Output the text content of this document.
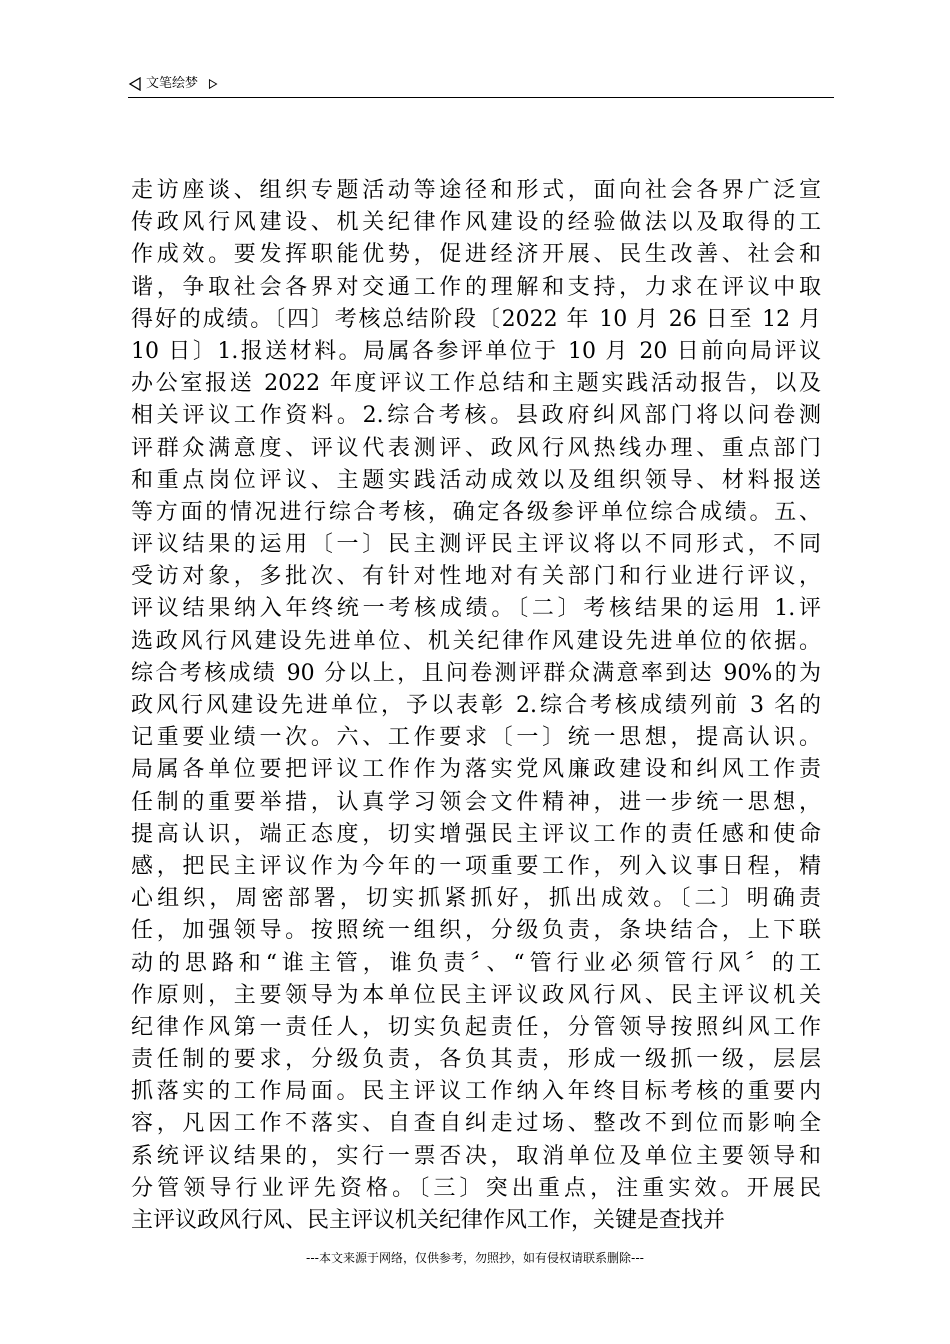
文笔绘梦
走访座谈、组织专题活动等途径和形式，面向社会各界广泛宣
传政风行风建设、机关纪律作风建设的经验做法以及取得的工
作成效。要发挥职能优势，促进经济开展、民生改善、社会和
谐，争取社会各界对交通工作的理解和支持，力求在评议中取
得好的成绩。〔四〕考核总结阶段〔2022 年 10 月 26 日至 12 月
10 日〕1.报送材料。局属各参评单位于 10 月 20 日前向局评议
办公室报送 2022 年度评议工作总结和主题实践活动报告，以及
相关评议工作资料。2.综合考核。县政府纠风部门将以问卷测
评群众满意度、评议代表测评、政风行风热线办理、重点部门
和重点岗位评议、主题实践活动成效以及组织领导、材料报送
等方面的情况进行综合考核，确定各级参评单位综合成绩。五、
评议结果的运用〔一〕民主测评民主评议将以不同形式，不同
受访对象，多批次、有针对性地对有关部门和行业进行评议，
评议结果纳入年终统一考核成绩。〔二〕考核结果的运用 1.评
选政风行风建设先进单位、机关纪律作风建设先进单位的依据。
综合考核成绩 90 分以上，且问卷测评群众满意率到达 90%的为
政风行风建设先进单位，予以表彰 2.综合考核成绩列前 3 名的
记重要业绩一次。六、工作要求〔一〕统一思想，提高认识。
局属各单位要把评议工作作为落实党风廉政建设和纠风工作责
任制的重要举措，认真学习领会文件精神，进一步统一思想，
提高认识，端正态度，切实增强民主评议工作的责任感和使命
感，把民主评议作为今年的一项重要工作，列入议事日程，精
心组织，周密部署，切实抓紧抓好，抓出成效。〔二〕明确责
任，加强领导。按照统一组织，分级负责，条块结合，上下联
动的思路和“谁主管，谁负责〞、“管行业必须管行风〞的工
作原则，主要领导为本单位民主评议政风行风、民主评议机关
纪律作风第一责任人，切实负起责任，分管领导按照纠风工作
责任制的要求，分级负责，各负其责，形成一级抓一级，层层
抓落实的工作局面。民主评议工作纳入年终目标考核的重要内
容，凡因工作不落实、自查自纠走过场、整改不到位而影响全
系统评议结果的，实行一票否决，取消单位及单位主要领导和
分管领导行业评先资格。〔三〕突出重点，注重实效。开展民
主评议政风行风、民主评议机关纪律作风工作，关键是查找并
---本文来源于网络，仅供参考，勿照抄，如有侵权请联系删除---
